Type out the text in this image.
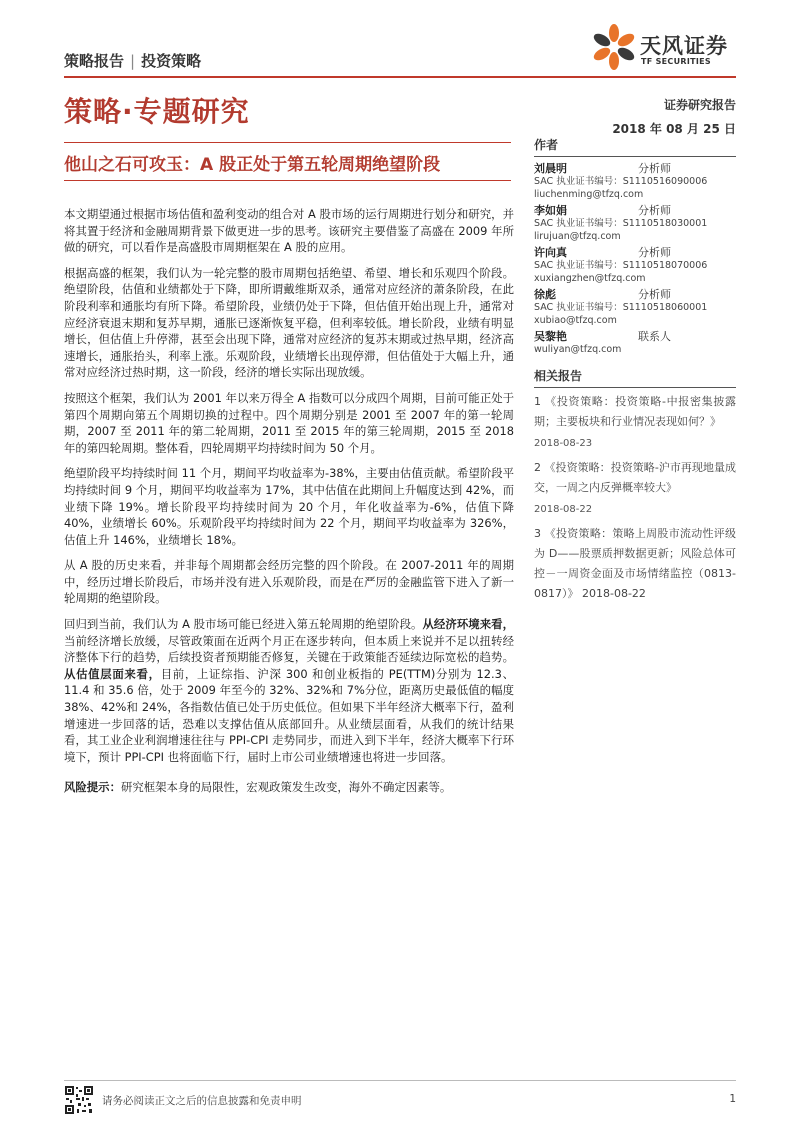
策略报告 | 投资策略
天风证券
TF SECURITIES
策略·专题研究	证券研究报告
2018 年 08 月 25 日
他山之石可攻玉：A 股正处于第五轮周期绝望阶段

本文期望通过根据市场估值和盈利变动的组合对 A 股市场的运行周期进行划分和研究，并将其置于经济和金融周期背景下做更进一步的思考。该研究主要借鉴了高盛在 2009 年所做的研究，可以看作是高盛股市周期框架在 A 股的应用。

根据高盛的框架，我们认为一轮完整的股市周期包括绝望、希望、增长和乐观四个阶段。绝望阶段，估值和业绩都处于下降，即所谓戴维斯双杀，通常对应经济的萧条阶段，在此阶段利率和通胀均有所下降。希望阶段，业绩仍处于下降，但估值开始出现上升，通常对应经济衰退末期和复苏早期，通胀已逐渐恢复平稳，但利率较低。增长阶段，业绩有明显增长，但估值上升停滞，甚至会出现下降，通常对应经济的复苏末期或过热早期，经济高速增长，通胀抬头，利率上涨。乐观阶段，业绩增长出现停滞，但估值处于大幅上升，通常对应经济过热时期，这一阶段，经济的增长实际出现放缓。

按照这个框架，我们认为 2001 年以来万得全 A 指数可以分成四个周期，目前可能正处于第四个周期向第五个周期切换的过程中。四个周期分别是 2001 至 2007 年的第一轮周期，2007 至 2011 年的第二轮周期，2011 至 2015 年的第三轮周期，2015 至 2018 年的第四轮周期。整体看，四轮周期平均持续时间为 50 个月。

绝望阶段平均持续时间 11 个月，期间平均收益率为-38%，主要由估值贡献。希望阶段平均持续时间 9 个月，期间平均收益率为 17%，其中估值在此期间上升幅度达到 42%，而业绩下降 19%。增长阶段平均持续时间为 20 个月，年化收益率为-6%，估值下降 40%，业绩增长 60%。乐观阶段平均持续时间为 22 个月，期间平均收益率为 326%，估值上升 146%，业绩增长 18%。

从 A 股的历史来看，并非每个周期都会经历完整的四个阶段。在 2007-2011 年的周期中，经历过增长阶段后，市场并没有进入乐观阶段，而是在严厉的金融监管下进入了新一轮周期的绝望阶段。

回归到当前，我们认为 A 股市场可能已经进入第五轮周期的绝望阶段。从经济环境来看，当前经济增长放缓，尽管政策面在近两个月正在逐步转向，但本质上来说并不足以扭转经济整体下行的趋势，后续投资者预期能否修复，关键在于政策能否延续边际宽松的趋势。从估值层面来看，目前，上证综指、沪深 300 和创业板指的 PE(TTM)分别为 12.3、11.4 和 35.6 倍，处于 2009 年至今的 32%、32%和 7%分位，距离历史最低值的幅度 38%、42%和 24%，各指数估值已处于历史低位。但如果下半年经济大概率下行，盈利增速进一步回落的话，恐难以支撑估值从底部回升。从业绩层面看，从我们的统计结果看，其工业企业利润增速往往与 PPI-CPI 走势同步，而进入到下半年，经济大概率下行环境下，预计 PPI-CPI 也将面临下行，届时上市公司业绩增速也将进一步回落。

风险提示：研究框架本身的局限性，宏观政策发生改变，海外不确定因素等。

作者
刘晨明	分析师
SAC 执业证书编号：S1110516090006
liuchenming@tfzq.com
李如娟	分析师
SAC 执业证书编号：S1110518030001
lirujuan@tfzq.com
许向真	分析师
SAC 执业证书编号：S1110518070006
xuxiangzhen@tfzq.com
徐彪	分析师
SAC 执业证书编号：S1110518060001
xubiao@tfzq.com
吴黎艳	联系人
wuliyan@tfzq.com
相关报告
1 《投资策略：投资策略-中报密集披露期；主要板块和行业情况表现如何？》
2018-08-23
2 《投资策略：投资策略-沪市再现地量成交，一周之内反弹概率较大》
2018-08-22
3 《投资策略：策略上周股市流动性评级为 D——股票质押数据更新；风险总体可控－一周资金面及市场情绪监控（0813-0817）》 2018-08-22
请务必阅读正文之后的信息披露和免责申明	1
